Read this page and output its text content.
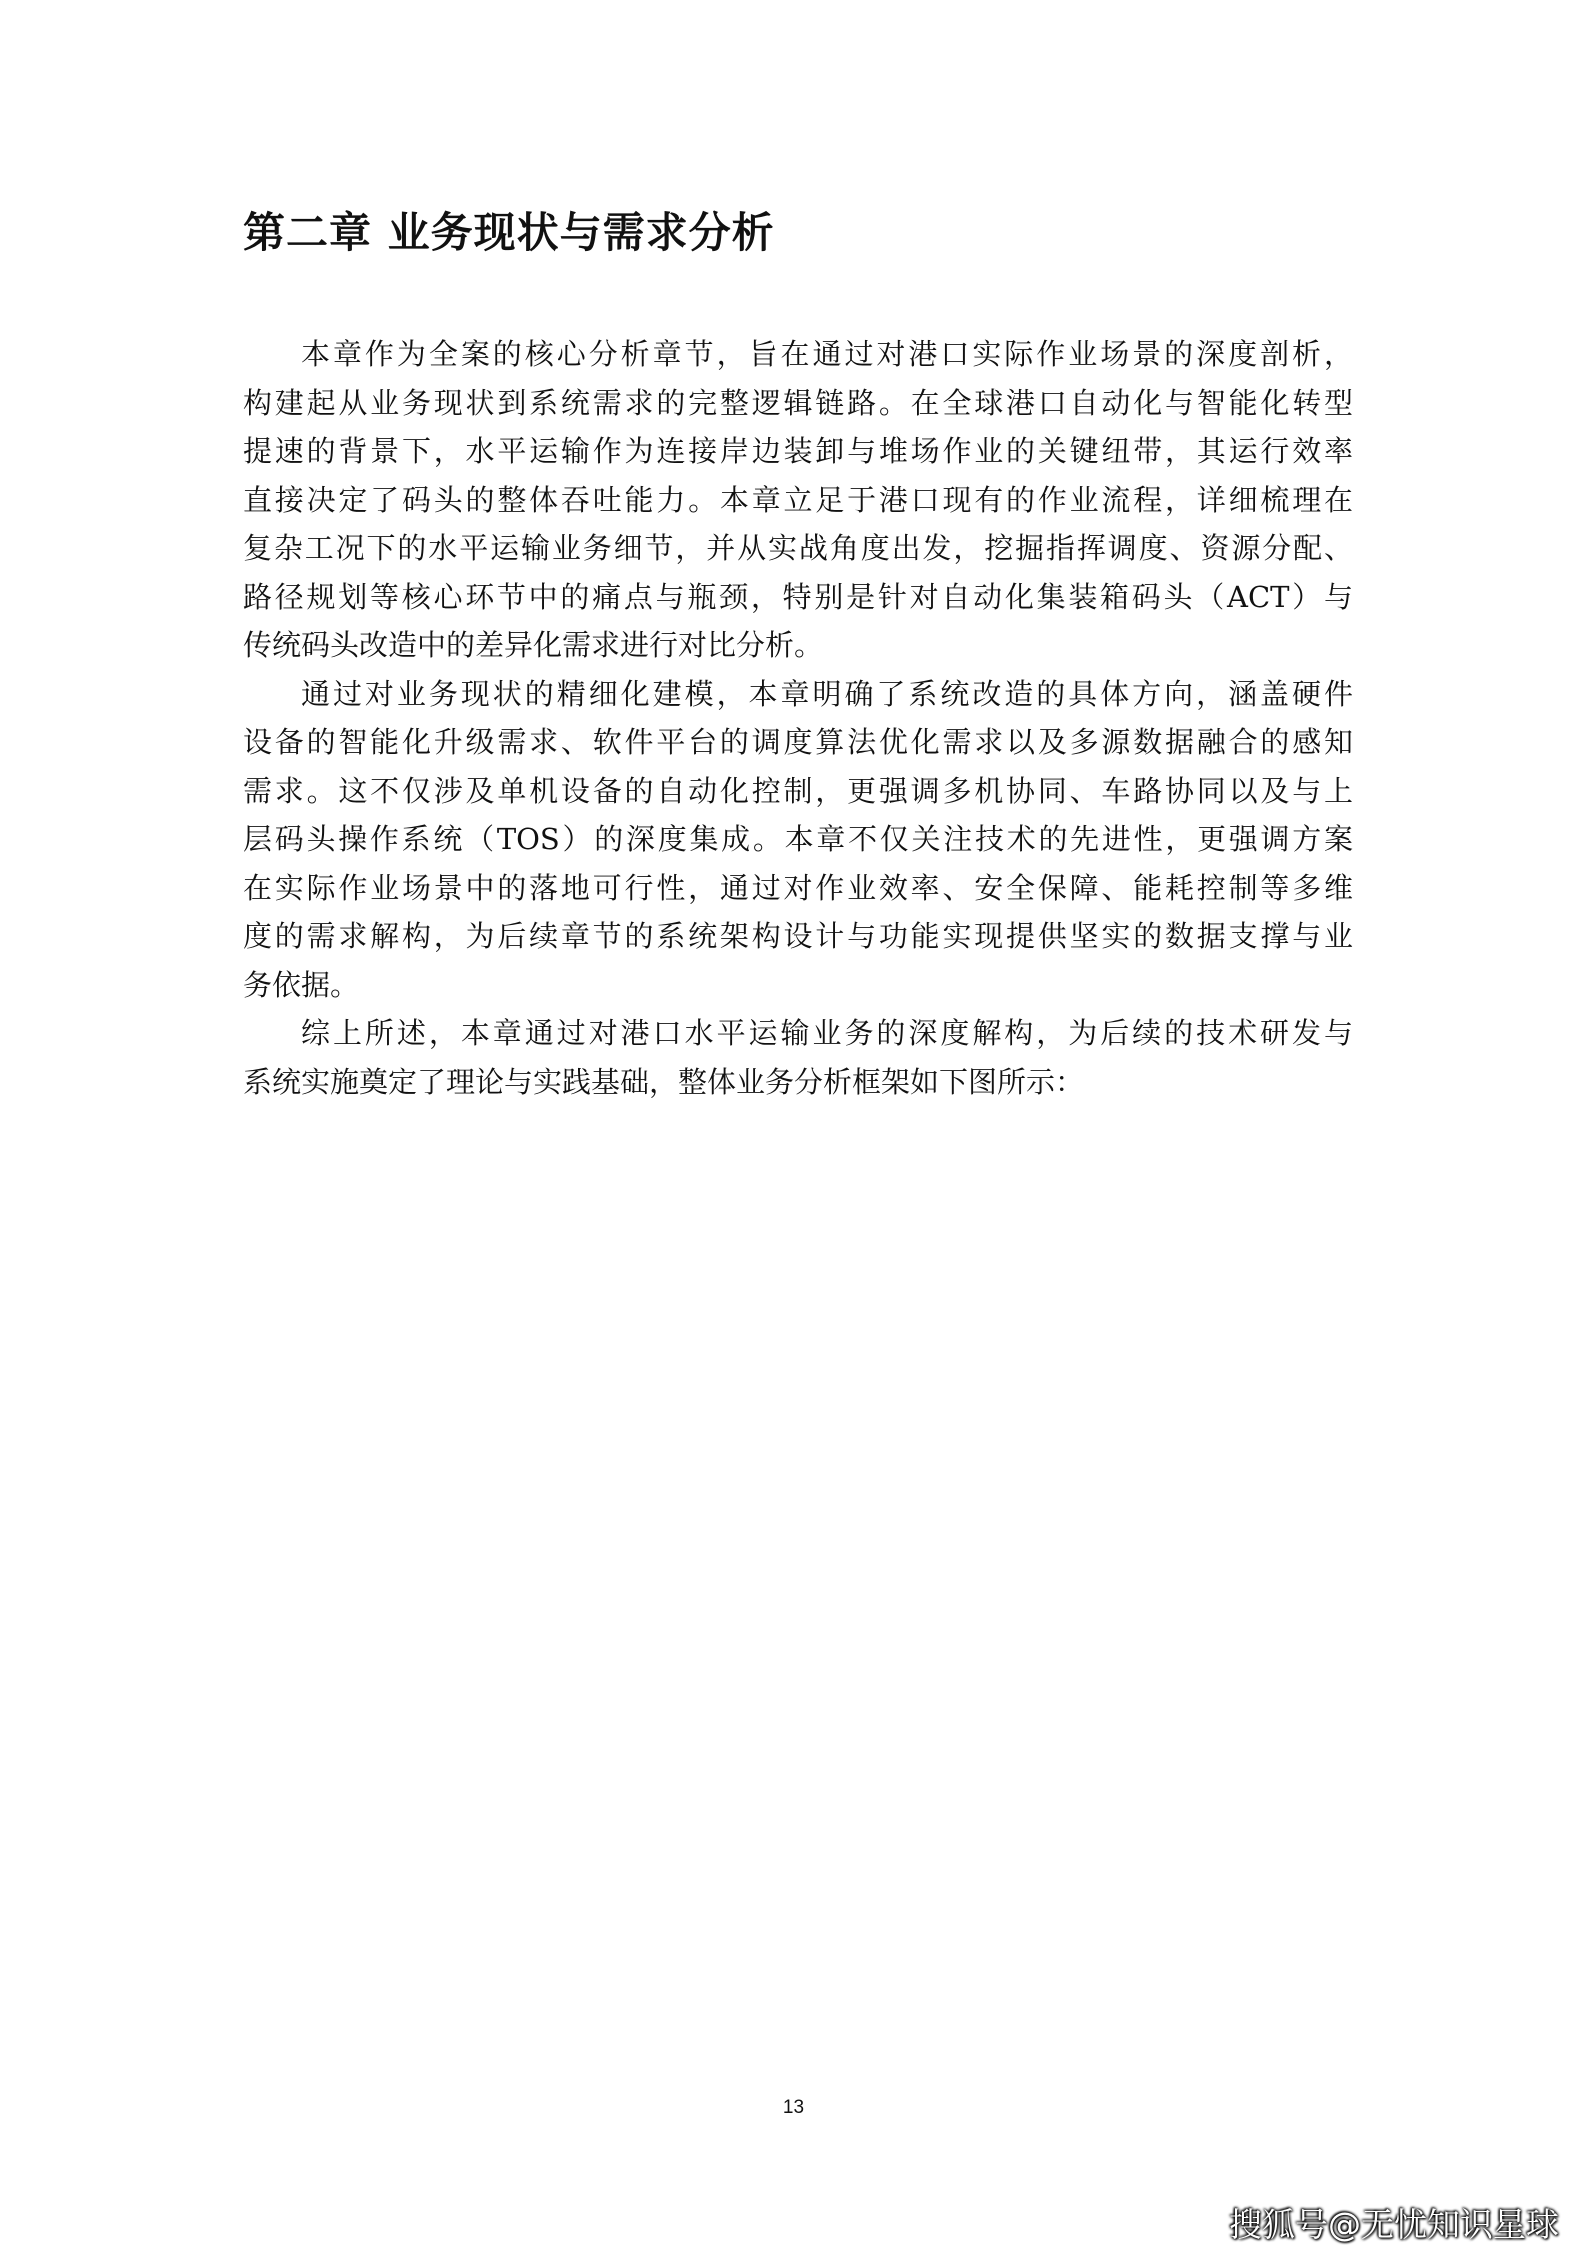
第二章 业务现状与需求分析

本章作为全案的核心分析章节，旨在通过对港口实际作业场景的深度剖析，
构建起从业务现状到系统需求的完整逻辑链路。在全球港口自动化与智能化转型
提速的背景下，水平运输作为连接岸边装卸与堆场作业的关键纽带，其运行效率
直接决定了码头的整体吞吐能力。本章立足于港口现有的作业流程，详细梳理在
复杂工况下的水平运输业务细节，并从实战角度出发，挖掘指挥调度、资源分配、
路径规划等核心环节中的痛点与瓶颈，特别是针对自动化集装箱码头（ACT）与
传统码头改造中的差异化需求进行对比分析。

通过对业务现状的精细化建模，本章明确了系统改造的具体方向，涵盖硬件
设备的智能化升级需求、软件平台的调度算法优化需求以及多源数据融合的感知
需求。这不仅涉及单机设备的自动化控制，更强调多机协同、车路协同以及与上
层码头操作系统（TOS）的深度集成。本章不仅关注技术的先进性，更强调方案
在实际作业场景中的落地可行性，通过对作业效率、安全保障、能耗控制等多维
度的需求解构，为后续章节的系统架构设计与功能实现提供坚实的数据支撑与业
务依据。

综上所述，本章通过对港口水平运输业务的深度解构，为后续的技术研发与
系统实施奠定了理论与实践基础，整体业务分析框架如下图所示：

13
搜狐号@无忧知识星球
